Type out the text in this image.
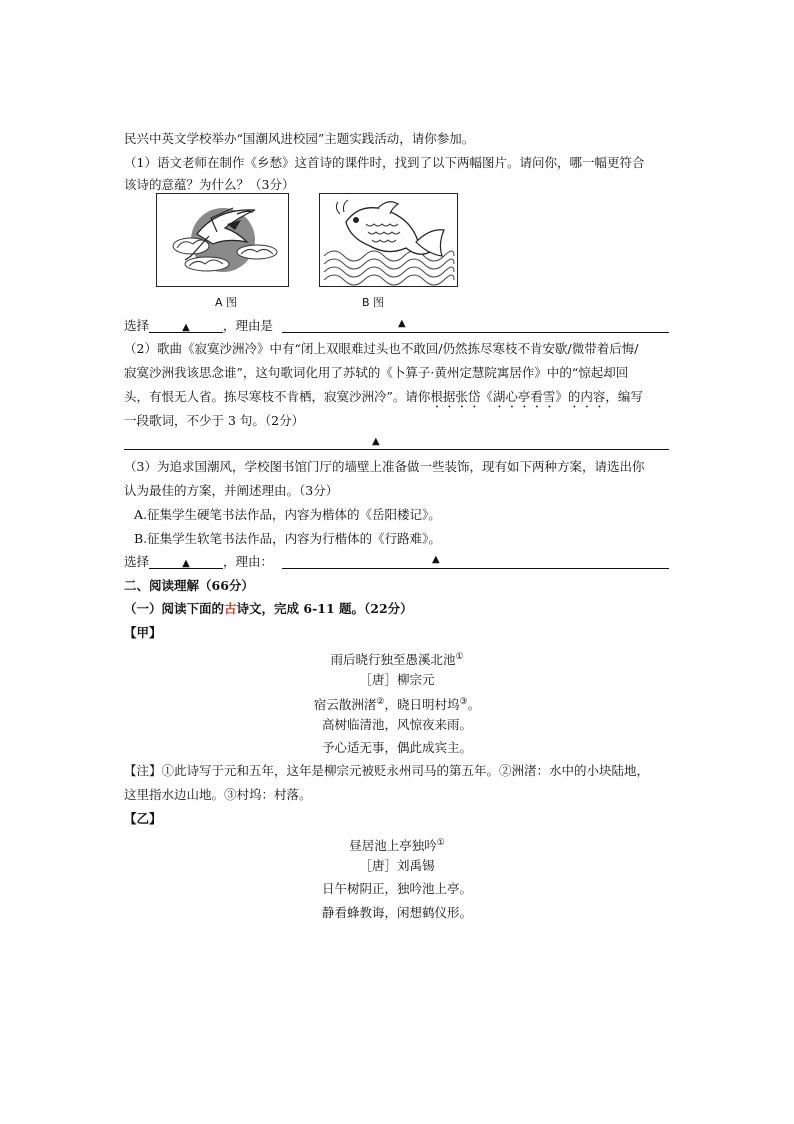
民兴中英文学校举办“国潮风进校园”主题实践活动，请你参加。
（1）语文老师在制作《乡愁》这首诗的课件时，找到了以下两幅图片。请问你，哪一幅更符合
该诗的意蕴？为什么？（3分）
A 图	B 图
选择	▲	，理由是	▲
（2）歌曲《寂寞沙洲冷》中有“闭上双眼难过头也不敢回/仍然拣尽寒枝不肯安歇/微带着后悔/
寂寞沙洲我该思念谁”，这句歌词化用了苏轼的《卜算子·黄州定慧院寓居作》中的“惊起却回
头，有恨无人省。拣尽寒枝不肯栖，寂寞沙洲冷”。请你根据张岱《湖心亭看雪》的内容，编写
一段歌词，不少于 3 句。（2分）
▲
（3）为追求国潮风，学校图书馆门厅的墙壁上准备做一些装饰，现有如下两种方案，请选出你
认为最佳的方案，并阐述理由。（3分）
A.征集学生硬笔书法作品，内容为楷体的《岳阳楼记》。
B.征集学生软笔书法作品，内容为行楷体的《行路难》。
选择	▲	，理由：	▲
二、阅读理解（66分）
（一）阅读下面的古诗文，完成 6-11 题。（22分）
【甲】
雨后晓行独至愚溪北池①
［唐］柳宗元
宿云散洲渚②，晓日明村坞③。
高树临清池，风惊夜来雨。
予心适无事，偶此成宾主。
【注】①此诗写于元和五年，这年是柳宗元被贬永州司马的第五年。②洲渚：水中的小块陆地，
这里指水边山地。③村坞：村落。
【乙】
昼居池上亭独吟①
［唐］刘禹锡
日午树阴正，独吟池上亭。
静看蜂教诲，闲想鹤仪形。
